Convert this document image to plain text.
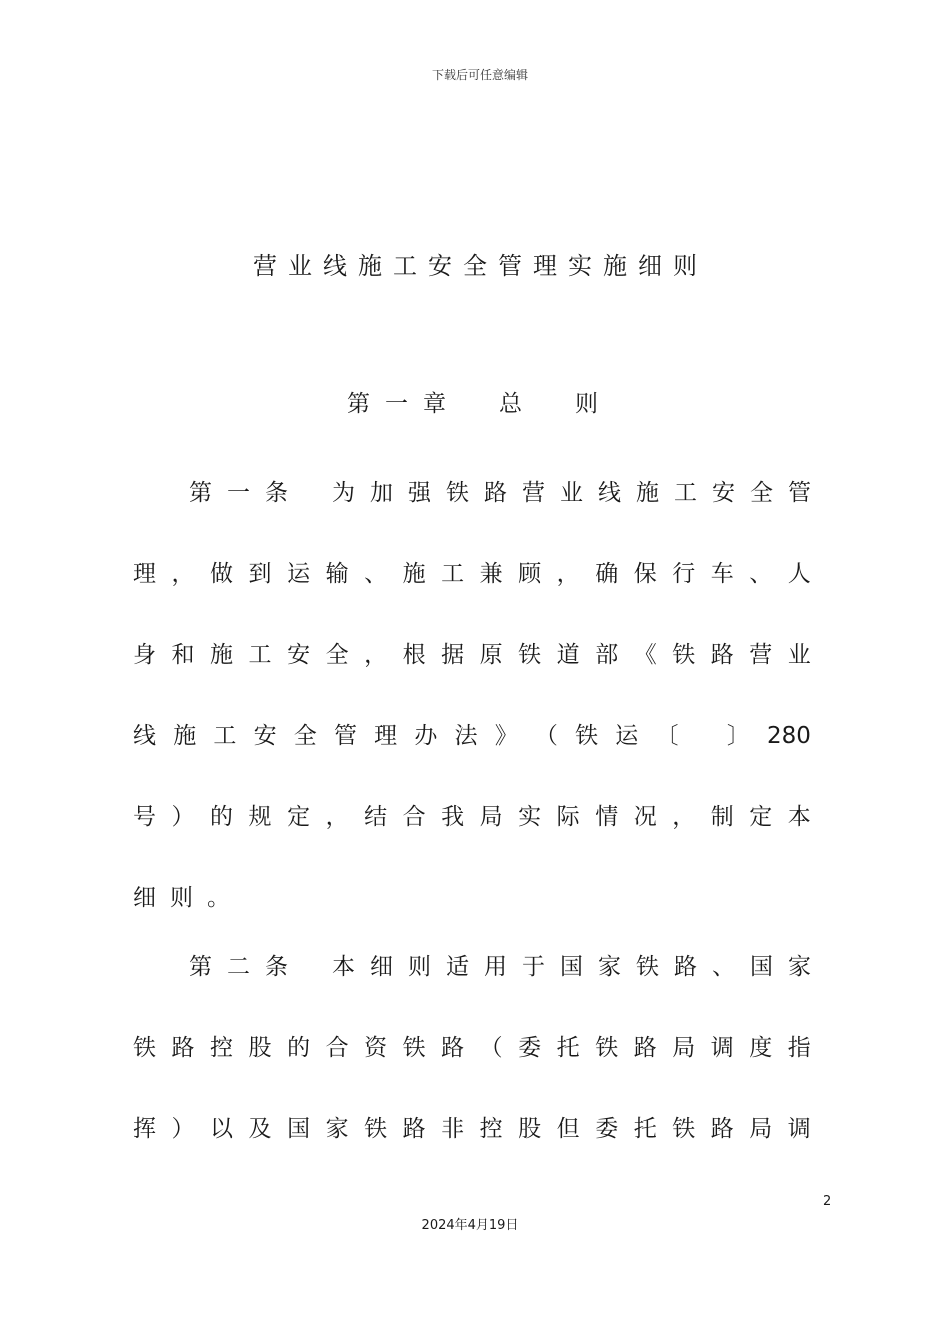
下载后可任意编辑
营业线施工安全管理实施细则
第 一 章　　 总　　 则
第 一 条 为 加 强 铁 路 营 业 线 施 工 安 全 管
理 ， 做 到 运 输 、 施 工 兼 顾 ， 确 保 行 车 、 人
身 和 施 工 安 全 ， 根 据 原 铁 道 部 《 铁 路 营 业
线 施 工 安 全 管 理 办 法 》 （ 铁 运 〔 〕 280
号 ） 的 规 定 ， 结 合 我 局 实 际 情 况 ， 制 定 本
细 则 。
第 二 条 本 细 则 适 用 于 国 家 铁 路 、 国 家
铁 路 控 股 的 合 资 铁 路 （ 委 托 铁 路 局 调 度 指
挥 ） 以 及 国 家 铁 路 非 控 股 但 委 托 铁 路 局 调
2
2024年4月19日
